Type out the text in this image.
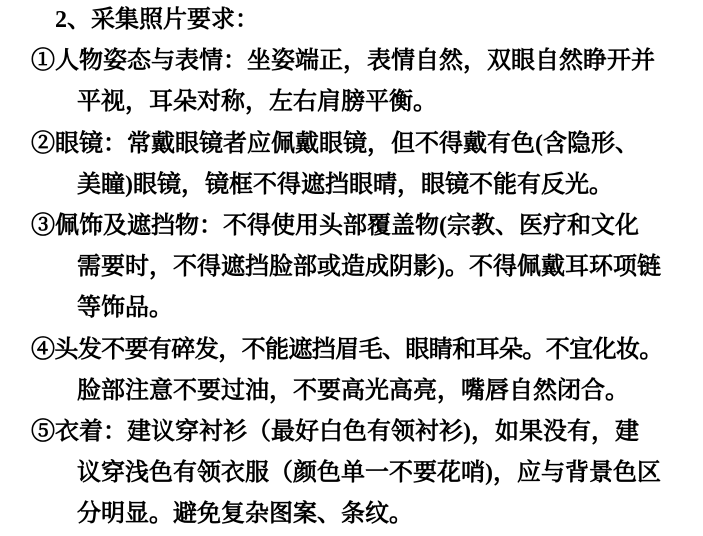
2、采集照片要求：
①人物姿态与表情：坐姿端正，表情自然，双眼自然睁开并
平视，耳朵对称，左右肩膀平衡。
②眼镜：常戴眼镜者应佩戴眼镜，但不得戴有色(含隐形、
美瞳)眼镜，镜框不得遮挡眼晴，眼镜不能有反光。
③佩饰及遮挡物：不得使用头部覆盖物(宗教、医疗和文化
需要时，不得遮挡脸部或造成阴影)。不得佩戴耳环项链
等饰品。
④头发不要有碎发，不能遮挡眉毛、眼睛和耳朵。不宜化妆。
脸部注意不要过油，不要高光高亮，嘴唇自然闭合。
⑤衣着：建议穿衬衫（最好白色有领衬衫)，如果没有，建
议穿浅色有领衣服（颜色单一不要花哨)，应与背景色区
分明显。避免复杂图案、条纹。
